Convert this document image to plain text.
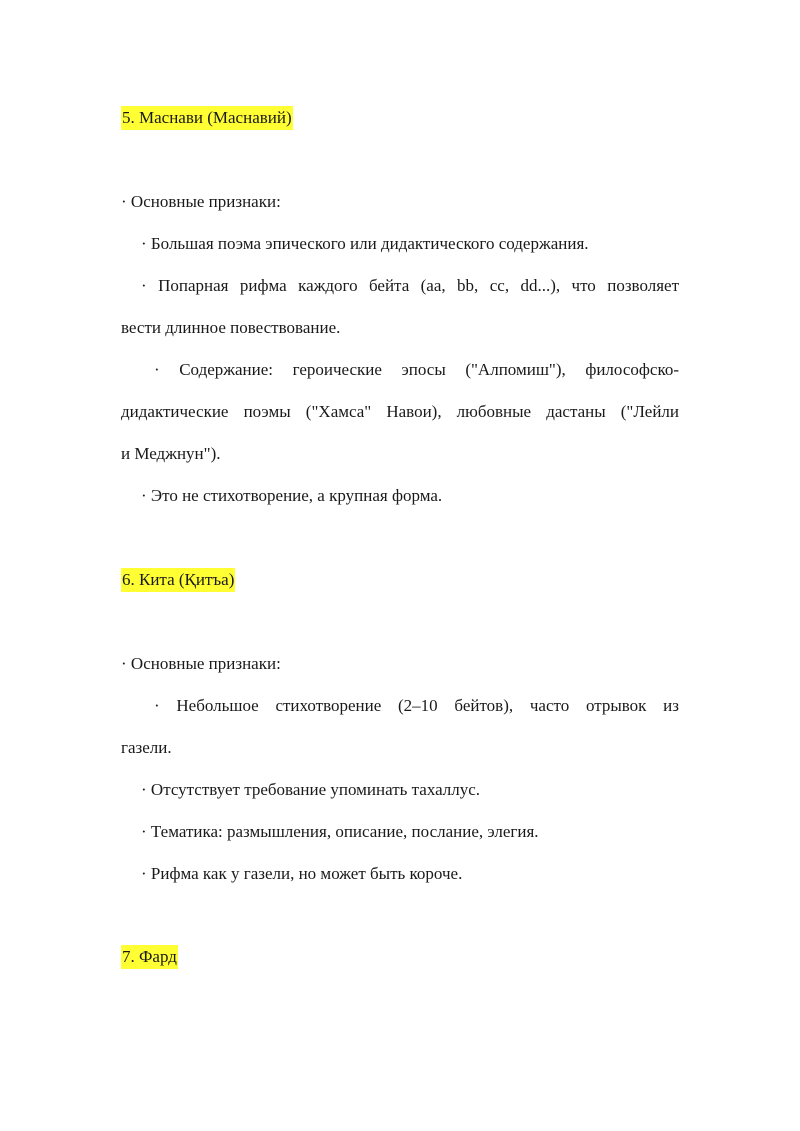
5. Маснави (Маснавий)
· Основные признаки:
· Большая поэма эпического или дидактического содержания.
· Попарная рифма каждого бейта (аа, bb, cc, dd...), что позволяет
вести длинное повествование.
· Содержание: героические эпосы ("Алпомиш"), философско-
дидактические поэмы ("Хамса" Навои), любовные дастаны ("Лейли
и Меджнун").
· Это не стихотворение, а крупная форма.
6. Кита (Қитъа)
· Основные признаки:
· Небольшое стихотворение (2–10 бейтов), часто отрывок из
газели.
· Отсутствует требование упоминать тахаллус.
· Тематика: размышления, описание, послание, элегия.
· Рифма как у газели, но может быть короче.
7. Фард
